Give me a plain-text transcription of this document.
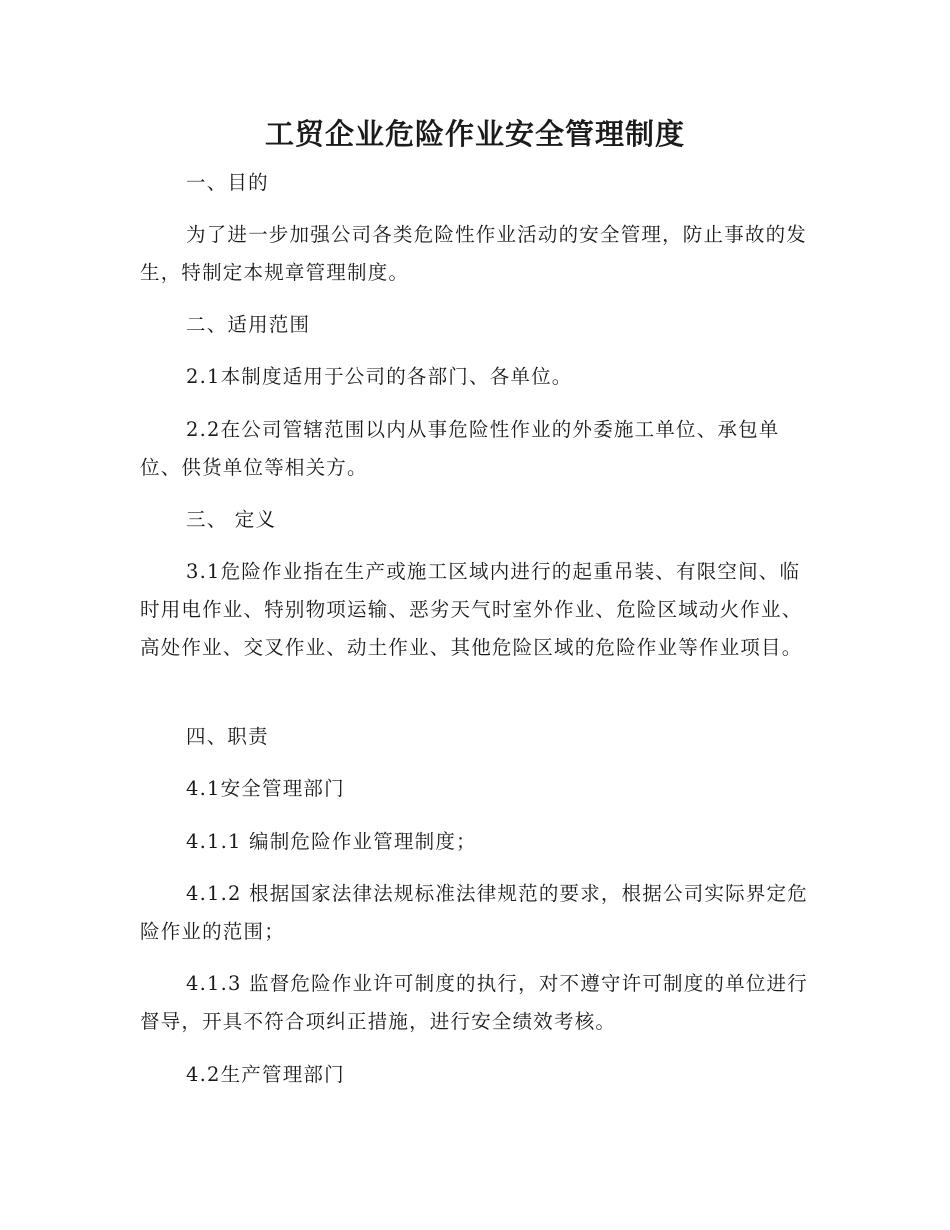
工贸企业危险作业安全管理制度

一、目的

为了进一步加强公司各类危险性作业活动的安全管理，防止事故的发生，特制定本规章管理制度。

二、适用范围

2.1本制度适用于公司的各部门、各单位。

2.2在公司管辖范围以内从事危险性作业的外委施工单位、承包单位、供货单位等相关方。

三、 定义

3.1危险作业指在生产或施工区域内进行的起重吊装、有限空间、临时用电作业、特别物项运输、恶劣天气时室外作业、危险区域动火作业、高处作业、交叉作业、动土作业、其他危险区域的危险作业等作业项目。

四、职责

4.1安全管理部门

4.1.1 编制危险作业管理制度；

4.1.2 根据国家法律法规标准法律规范的要求，根据公司实际界定危险作业的范围；

4.1.3 监督危险作业许可制度的执行，对不遵守许可制度的单位进行督导，开具不符合项纠正措施，进行安全绩效考核。

4.2生产管理部门
